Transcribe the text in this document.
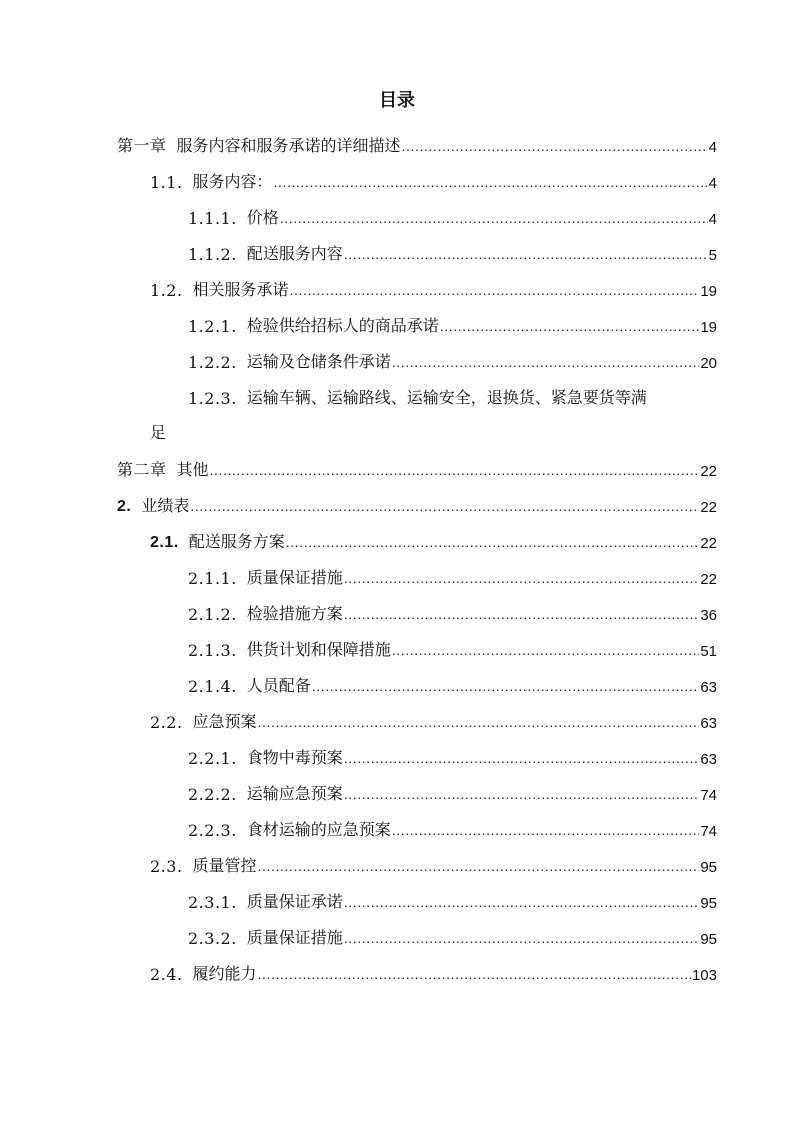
目录
第一章 服务内容和服务承诺的详细描述 .....	4
1.1. 服务内容： .....	4
1.1.1. 价格 .....	4
1.1.2. 配送服务内容 .....	5
1.2. 相关服务承诺 .....	19
1.2.1. 检验供给招标人的商品承诺 .....	19
1.2.2. 运输及仓储条件承诺 .....	20
1.2.3. 运输车辆、运输路线、运输安全，退换货、紧急要货等满
足
第二章 其他 .....	22
2. 业绩表 .....	22
2.1. 配送服务方案 .....	22
2.1.1. 质量保证措施 .....	22
2.1.2. 检验措施方案 .....	36
2.1.3. 供货计划和保障措施 .....	51
2.1.4. 人员配备 .....	63
2.2. 应急预案 .....	63
2.2.1. 食物中毒预案 .....	63
2.2.2. 运输应急预案 .....	74
2.2.3. 食材运输的应急预案 .....	74
2.3. 质量管控 .....	95
2.3.1. 质量保证承诺 .....	95
2.3.2. 质量保证措施 .....	95
2.4. 履约能力 .....	103
